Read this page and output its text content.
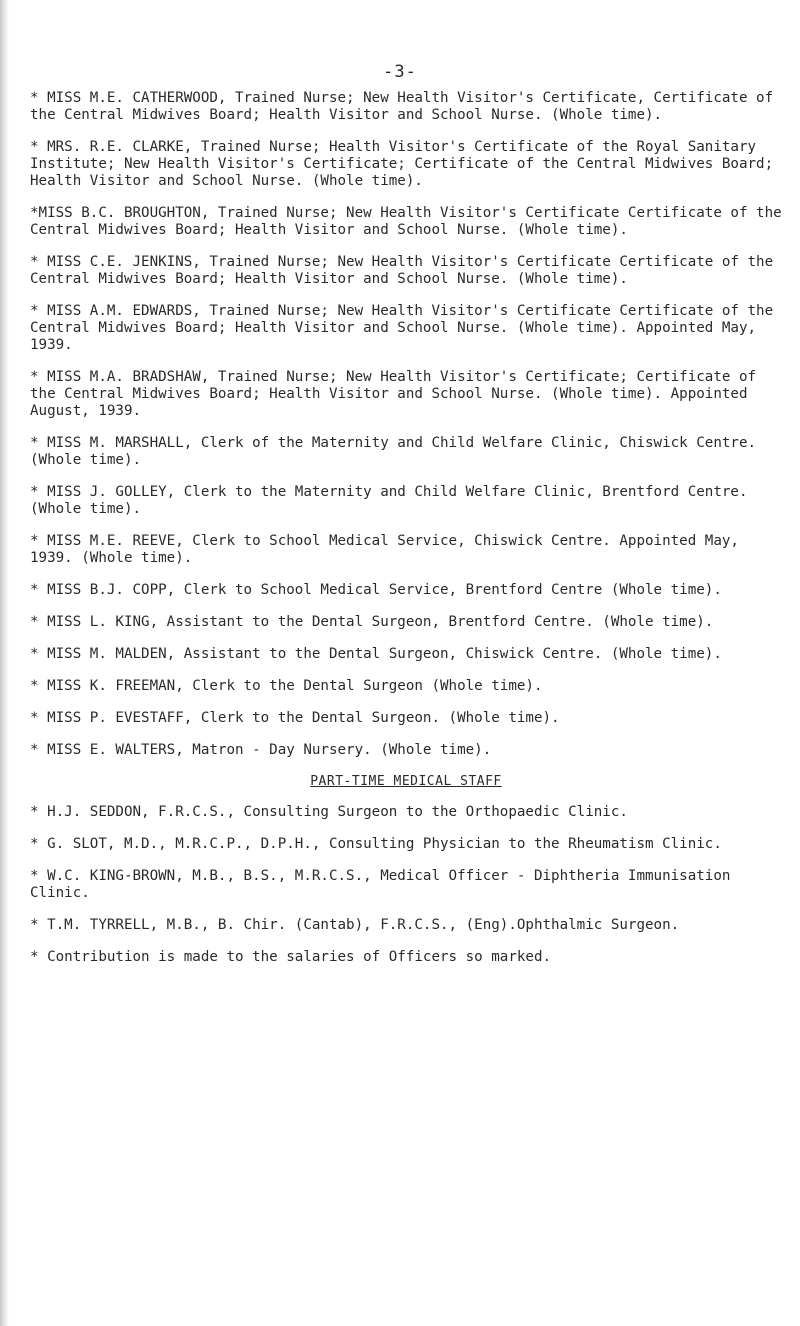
-3-

* MISS M.E. CATHERWOOD, Trained Nurse; New Health Visitor's Certificate, Certificate of the Central Midwives Board; Health Visitor and School Nurse. (Whole time).

* MRS. R.E. CLARKE, Trained Nurse; Health Visitor's Certificate of the Royal Sanitary Institute; New Health Visitor's Certificate; Certificate of the Central Midwives Board; Health Visitor and School Nurse. (Whole time).

*MISS B.C. BROUGHTON, Trained Nurse; New Health Visitor's Certificate Certificate of the Central Midwives Board; Health Visitor and School Nurse. (Whole time).

* MISS C.E. JENKINS, Trained Nurse; New Health Visitor's Certificate Certificate of the Central Midwives Board; Health Visitor and School Nurse. (Whole time).

* MISS A.M. EDWARDS, Trained Nurse; New Health Visitor's Certificate Certificate of the Central Midwives Board; Health Visitor and School Nurse. (Whole time). Appointed May, 1939.

* MISS M.A. BRADSHAW, Trained Nurse; New Health Visitor's Certificate; Certificate of the Central Midwives Board; Health Visitor and School Nurse. (Whole time). Appointed August, 1939.

* MISS M. MARSHALL, Clerk of the Maternity and Child Welfare Clinic, Chiswick Centre. (Whole time).

* MISS J. GOLLEY, Clerk to the Maternity and Child Welfare Clinic, Brentford Centre. (Whole time).

* MISS M.E. REEVE, Clerk to School Medical Service, Chiswick Centre. Appointed May, 1939. (Whole time).

* MISS B.J. COPP, Clerk to School Medical Service, Brentford Centre (Whole time).

* MISS L. KING, Assistant to the Dental Surgeon, Brentford Centre. (Whole time).

* MISS M. MALDEN, Assistant to the Dental Surgeon, Chiswick Centre. (Whole time).

* MISS K. FREEMAN, Clerk to the Dental Surgeon (Whole time).

* MISS P. EVESTAFF, Clerk to the Dental Surgeon. (Whole time).

* MISS E. WALTERS, Matron - Day Nursery. (Whole time).

PART-TIME MEDICAL STAFF

* H.J. SEDDON, F.R.C.S., Consulting Surgeon to the Orthopaedic Clinic.

* G. SLOT, M.D., M.R.C.P., D.P.H., Consulting Physician to the Rheumatism Clinic.

* W.C. KING-BROWN, M.B., B.S., M.R.C.S., Medical Officer - Diphtheria Immunisation Clinic.

* T.M. TYRRELL, M.B., B. Chir. (Cantab), F.R.C.S., (Eng).Ophthalmic Surgeon.

* Contribution is made to the salaries of Officers so marked.
